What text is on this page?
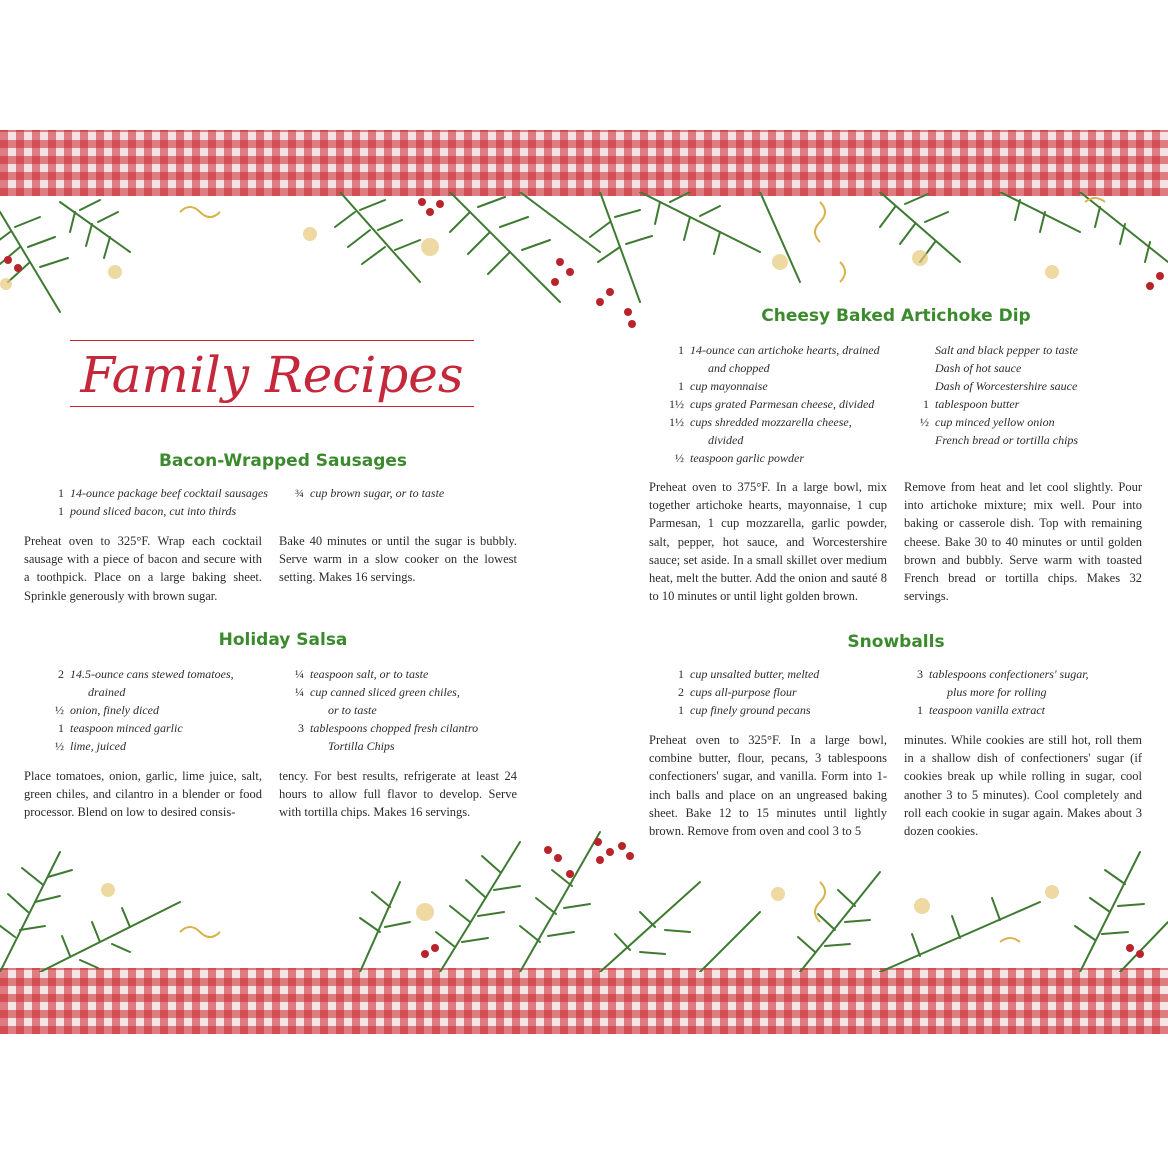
Family Recipes
Bacon-Wrapped Sausages
1 14-ounce package beef cocktail sausages
1 pound sliced bacon, cut into thirds
¾ cup brown sugar, or to taste
Preheat oven to 325°F. Wrap each cocktail sausage with a piece of bacon and secure with a toothpick. Place on a large baking sheet. Sprinkle generously with brown sugar.
Bake 40 minutes or until the sugar is bubbly. Serve warm in a slow cooker on the lowest setting. Makes 16 servings.
Holiday Salsa
2 14.5-ounce cans stewed tomatoes,
drained
½ onion, finely diced
1 teaspoon minced garlic
½ lime, juiced
¼ teaspoon salt, or to taste
¼ cup canned sliced green chiles,
or to taste
3 tablespoons chopped fresh cilantro
Tortilla Chips
Place tomatoes, onion, garlic, lime juice, salt, green chiles, and cilantro in a blender or food processor. Blend on low to desired consis-
tency. For best results, refrigerate at least 24 hours to allow full flavor to develop. Serve with tortilla chips. Makes 16 servings.
Cheesy Baked Artichoke Dip
1 14-ounce can artichoke hearts, drained
and chopped
1 cup mayonnaise
1½ cups grated Parmesan cheese, divided
1½ cups shredded mozzarella cheese,
divided
½ teaspoon garlic powder
Salt and black pepper to taste
Dash of hot sauce
Dash of Worcestershire sauce
1 tablespoon butter
½ cup minced yellow onion
French bread or tortilla chips
Preheat oven to 375°F. In a large bowl, mix together artichoke hearts, mayonnaise, 1 cup Parmesan, 1 cup mozzarella, garlic powder, salt, pepper, hot sauce, and Worcestershire sauce; set aside. In a small skillet over medium heat, melt the butter. Add the onion and sauté 8 to 10 minutes or until light golden brown.
Remove from heat and let cool slightly. Pour into artichoke mixture; mix well. Pour into baking or casserole dish. Top with remaining cheese. Bake 30 to 40 minutes or until golden brown and bubbly. Serve warm with toasted French bread or tortilla chips. Makes 32 servings.
Snowballs
1 cup unsalted butter, melted
2 cups all-purpose flour
1 cup finely ground pecans
3 tablespoons confectioners' sugar,
plus more for rolling
1 teaspoon vanilla extract
Preheat oven to 325°F. In a large bowl, combine butter, flour, pecans, 3 tablespoons confectioners' sugar, and vanilla. Form into 1-inch balls and place on an ungreased baking sheet. Bake 12 to 15 minutes until lightly brown. Remove from oven and cool 3 to 5
minutes. While cookies are still hot, roll them in a shallow dish of confectioners' sugar (if cookies break up while rolling in sugar, cool another 3 to 5 minutes). Cool completely and roll each cookie in sugar again. Makes about 3 dozen cookies.
